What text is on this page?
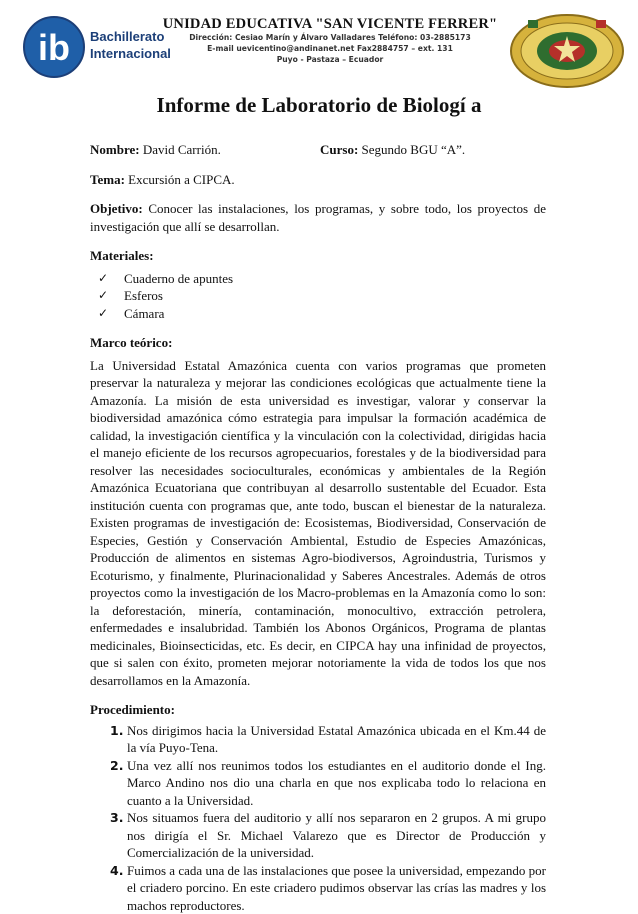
ib Bachillerato
Internacional
UNIDAD EDUCATIVA "SAN VICENTE FERRER"
Dirección: Cesiao Marín y Álvaro Valladares Teléfono: 03-2885173
E-mail uevicentino@andinanet.net Fax2884757 – ext. 131
Puyo - Pastaza – Ecuador
Informe de Laboratorio de Biologí a
Nombre: David Carrión.	Curso: Segundo BGU “A”.
Tema: Excursión a CIPCA.
Objetivo: Conocer las instalaciones, los programas, y sobre todo, los proyectos de investigación que allí se desarrollan.
Materiales:
✓ Cuaderno de apuntes
✓ Esferos
✓ Cámara
Marco teórico:

La Universidad Estatal Amazónica cuenta con varios programas que prometen preservar la naturaleza y mejorar las condiciones ecológicas que actualmente tiene la Amazonía. La misión de esta universidad es investigar, valorar y conservar la biodiversidad amazónica cómo estrategia para impulsar la formación académica de calidad, la investigación científica y la vinculación con la colectividad, dirigidas hacia el manejo eficiente de los recursos agropecuarios, forestales y de la biodiversidad para resolver las necesidades socioculturales, económicas y ambientales de la Región Amazónica Ecuatoriana que contribuyan al desarrollo sustentable del Ecuador. Esta institución cuenta con programas que, ante todo, buscan el bienestar de la naturaleza. Existen programas de investigación de: Ecosistemas, Biodiversidad, Conservación de Especies, Gestión y Conservación Ambiental, Estudio de Especies Amazónicas, Producción de alimentos en sistemas Agro-biodiversos, Agroindustria, Turismos y Ecoturismo, y finalmente, Plurinacionalidad y Saberes Ancestrales. Además de otros proyectos como la investigación de los Macro-problemas en la Amazonía como lo son: la deforestación, minería, contaminación, monocultivo, extracción petrolera, enfermedades e insalubridad. También los Abonos Orgánicos, Programa de plantas medicinales, Bioinsecticidas, etc. Es decir, en CIPCA hay una infinidad de proyectos, que si salen con éxito, prometen mejorar notoriamente la vida de todos los que nos desarrollamos en la Amazonía.

Procedimiento:
1. Nos dirigimos hacia la Universidad Estatal Amazónica ubicada en el Km.44 de la vía Puyo-Tena.
2. Una vez allí nos reunimos todos los estudiantes en el auditorio donde el Ing. Marco Andino nos dio una charla en que nos explicaba todo lo relaciona en cuanto a la Universidad.
3. Nos situamos fuera del auditorio y allí nos separaron en 2 grupos. A mi grupo nos dirigía el Sr. Michael Valarezo que es Director de Producción y Comercialización de la universidad.
4. Fuimos a cada una de las instalaciones que posee la universidad, empezando por el criadero porcino. En este criadero pudimos observar las crías las madres y los machos reproductores.
